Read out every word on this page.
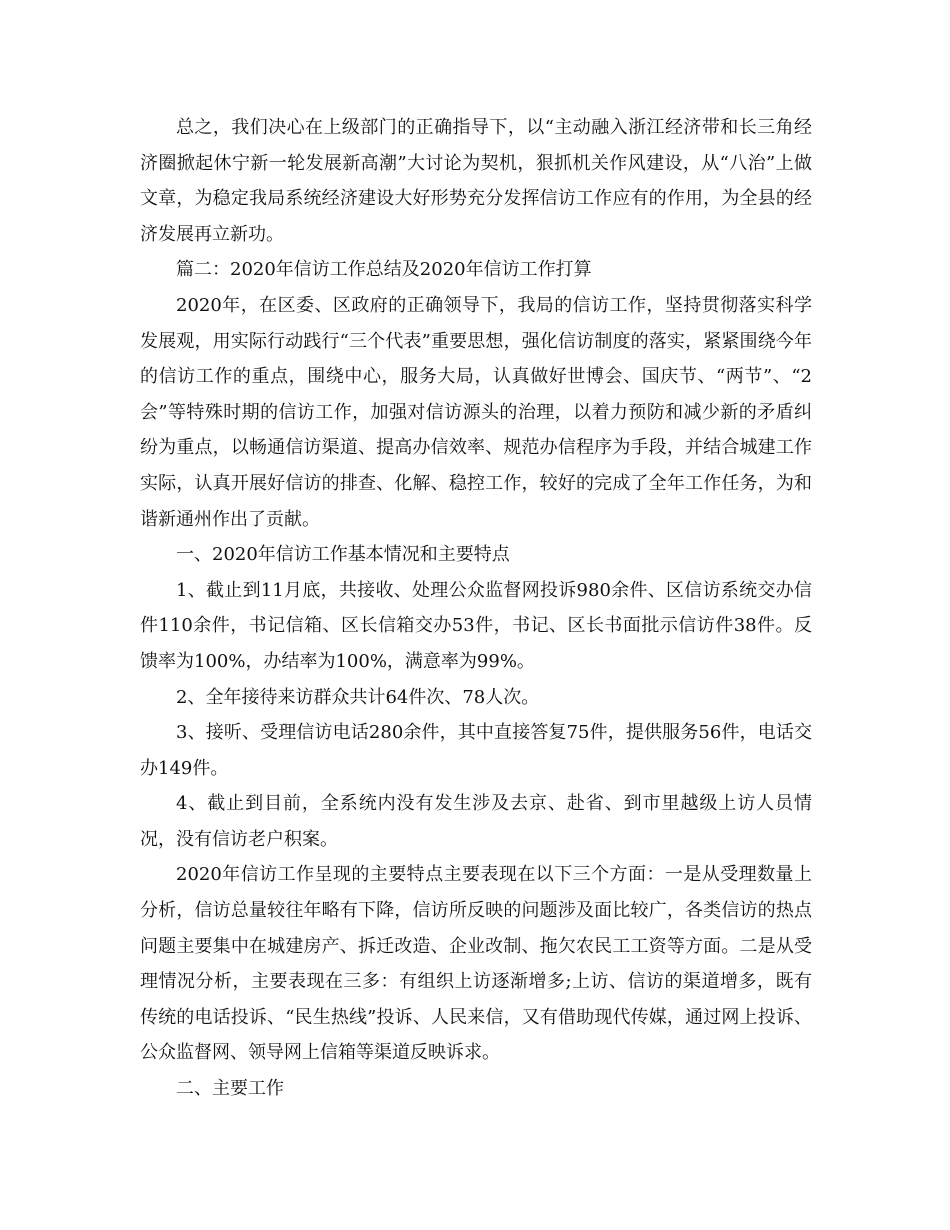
总之，我们决心在上级部门的正确指导下，以“主动融入浙江经济带和长三角经济圈掀起休宁新一轮发展新高潮”大讨论为契机，狠抓机关作风建设，从“八治”上做文章，为稳定我局系统经济建设大好形势充分发挥信访工作应有的作用，为全县的经济发展再立新功。

篇二：2020年信访工作总结及2020年信访工作打算

2020年，在区委、区政府的正确领导下，我局的信访工作，坚持贯彻落实科学发展观，用实际行动践行“三个代表”重要思想，强化信访制度的落实，紧紧围绕今年的信访工作的重点，围绕中心，服务大局，认真做好世博会、国庆节、“两节”、“2会”等特殊时期的信访工作，加强对信访源头的治理，以着力预防和减少新的矛盾纠纷为重点，以畅通信访渠道、提高办信效率、规范办信程序为手段，并结合城建工作实际，认真开展好信访的排查、化解、稳控工作，较好的完成了全年工作任务，为和谐新通州作出了贡献。

一、2020年信访工作基本情况和主要特点

1、截止到11月底，共接收、处理公众监督网投诉980余件、区信访系统交办信件110余件，书记信箱、区长信箱交办53件，书记、区长书面批示信访件38件。反馈率为100%，办结率为100%，满意率为99%。

2、全年接待来访群众共计64件次、78人次。

3、接听、受理信访电话280余件，其中直接答复75件，提供服务56件，电话交办149件。

4、截止到目前，全系统内没有发生涉及去京、赴省、到市里越级上访人员情况，没有信访老户积案。

2020年信访工作呈现的主要特点主要表现在以下三个方面：一是从受理数量上分析，信访总量较往年略有下降，信访所反映的问题涉及面比较广，各类信访的热点问题主要集中在城建房产、拆迁改造、企业改制、拖欠农民工工资等方面。二是从受理情况分析，主要表现在三多：有组织上访逐渐增多;上访、信访的渠道增多，既有传统的电话投诉、“民生热线”投诉、人民来信，又有借助现代传媒，通过网上投诉、公众监督网、领导网上信箱等渠道反映诉求。

二、主要工作
